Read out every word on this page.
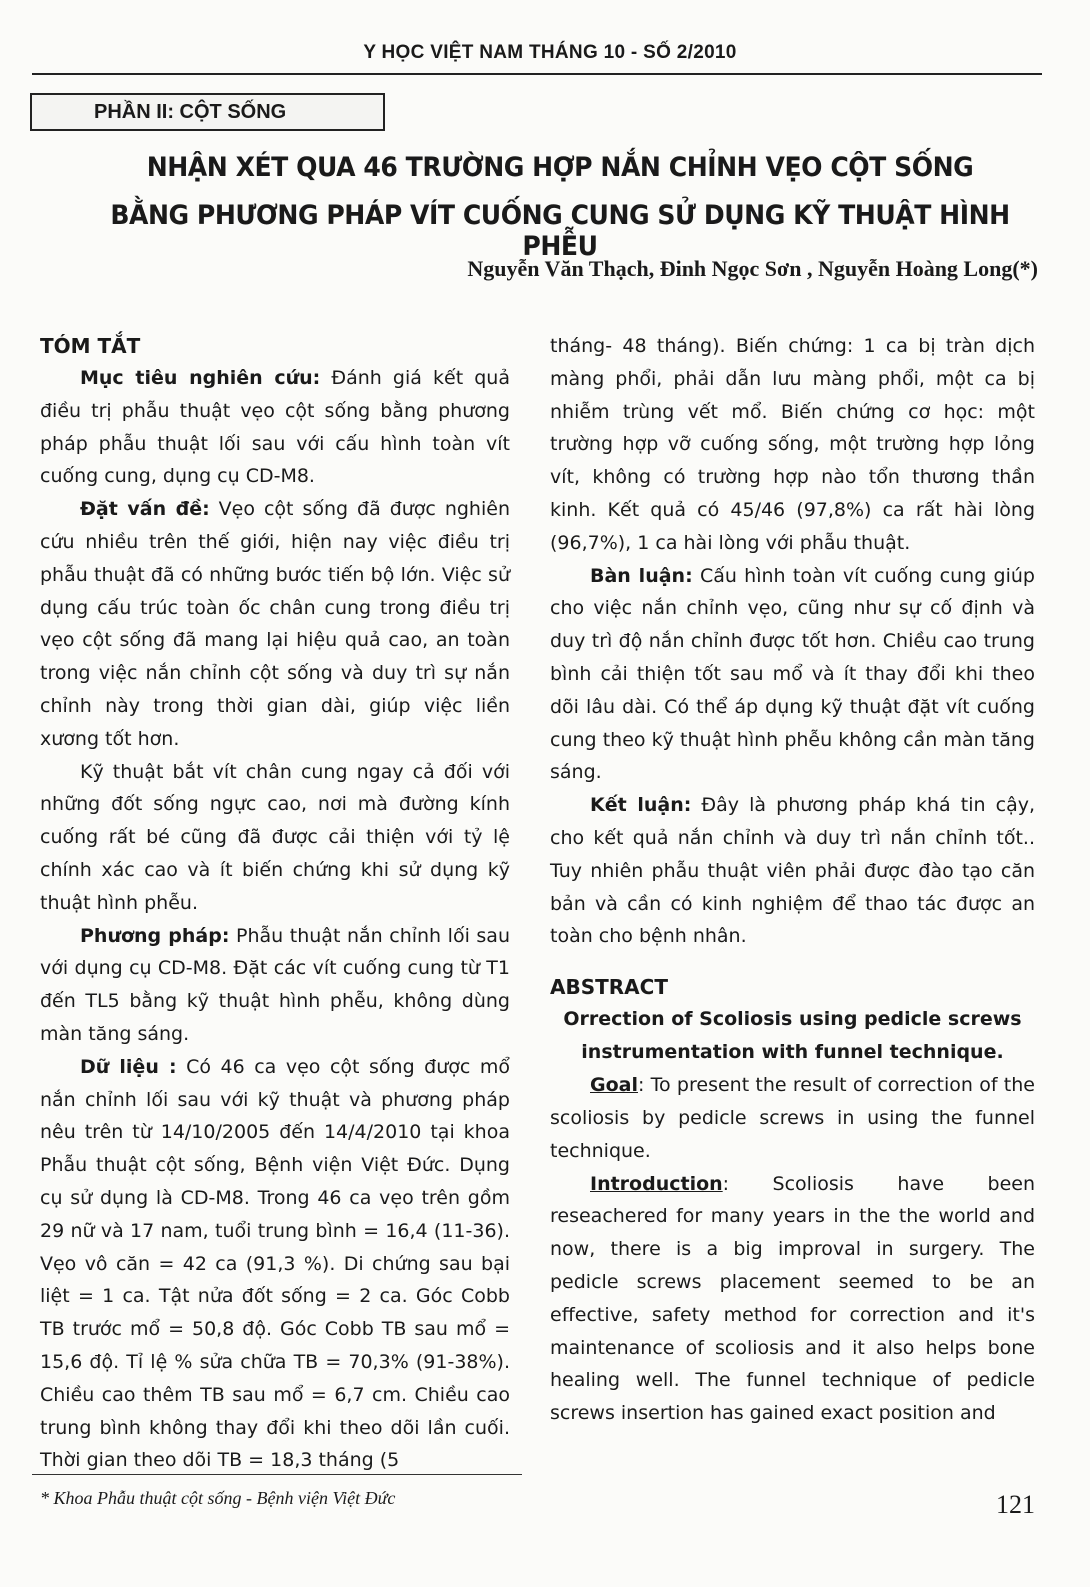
Y HỌC VIỆT NAM THÁNG 10 - SỐ 2/2010
PHẦN II: CỘT SỐNG
NHẬN XÉT QUA 46 TRƯỜNG HỢP NẮN CHỈNH VẸO CỘT SỐNG
BẰNG PHƯƠNG PHÁP VÍT CUỐNG CUNG SỬ DỤNG KỸ THUẬT HÌNH PHỄU
Nguyễn Văn Thạch, Đinh Ngọc Sơn , Nguyễn Hoàng Long(*)
TÓM TẮT

Mục tiêu nghiên cứu: Đánh giá kết quả điều trị phẫu thuật vẹo cột sống bằng phương pháp phẫu thuật lối sau với cấu hình toàn vít cuống cung, dụng cụ CD-M8.

Đặt vấn đề: Vẹo cột sống đã được nghiên cứu nhiều trên thế giới, hiện nay việc điều trị phẫu thuật đã có những bước tiến bộ lớn. Việc sử dụng cấu trúc toàn ốc chân cung trong điều trị vẹo cột sống đã mang lại hiệu quả cao, an toàn trong việc nắn chỉnh cột sống và duy trì sự nắn chỉnh này trong thời gian dài, giúp việc liền xương tốt hơn.

Kỹ thuật bắt vít chân cung ngay cả đối với những đốt sống ngực cao, nơi mà đường kính cuống rất bé cũng đã được cải thiện với tỷ lệ chính xác cao và ít biến chứng khi sử dụng kỹ thuật hình phễu.

Phương pháp: Phẫu thuật nắn chỉnh lối sau với dụng cụ CD-M8. Đặt các vít cuống cung từ T1 đến TL5 bằng kỹ thuật hình phễu, không dùng màn tăng sáng.

Dữ liệu : Có 46 ca vẹo cột sống được mổ nắn chỉnh lối sau với kỹ thuật và phương pháp nêu trên từ 14/10/2005 đến 14/4/2010 tại khoa Phẫu thuật cột sống, Bệnh viện Việt Đức. Dụng cụ sử dụng là CD-M8. Trong 46 ca vẹo trên gồm 29 nữ và 17 nam, tuổi trung bình = 16,4 (11-36). Vẹo vô căn = 42 ca (91,3 %). Di chứng sau bại liệt = 1 ca. Tật nửa đốt sống = 2 ca. Góc Cobb TB trước mổ = 50,8 độ. Góc Cobb TB sau mổ = 15,6 độ. Tỉ lệ % sửa chữa TB = 70,3% (91-38%). Chiều cao thêm TB sau mổ = 6,7 cm. Chiều cao trung bình không thay đổi khi theo dõi lần cuối. Thời gian theo dõi TB = 18,3 tháng (5

tháng- 48 tháng). Biến chứng: 1 ca bị tràn dịch màng phổi, phải dẫn lưu màng phổi, một ca bị nhiễm trùng vết mổ. Biến chứng cơ học: một trường hợp vỡ cuống sống, một trường hợp lỏng vít, không có trường hợp nào tổn thương thần kinh. Kết quả có 45/46 (97,8%) ca rất hài lòng (96,7%), 1 ca hài lòng với phẫu thuật.

Bàn luận: Cấu hình toàn vít cuống cung giúp cho việc nắn chỉnh vẹo, cũng như sự cố định và duy trì độ nắn chỉnh được tốt hơn. Chiều cao trung bình cải thiện tốt sau mổ và ít thay đổi khi theo dõi lâu dài. Có thể áp dụng kỹ thuật đặt vít cuống cung theo kỹ thuật hình phễu không cần màn tăng sáng.

Kết luận: Đây là phương pháp khá tin cậy, cho kết quả nắn chỉnh và duy trì nắn chỉnh tốt.. Tuy nhiên phẫu thuật viên phải được đào tạo căn bản và cần có kinh nghiệm để thao tác được an toàn cho bệnh nhân.

ABSTRACT

Orrection of Scoliosis using pedicle screws instrumentation with funnel technique.

Goal: To present the result of correction of the scoliosis by pedicle screws in using the funnel technique.

Introduction: Scoliosis have been reseachered for many years in the the world and now, there is a big improval in surgery. The pedicle screws placement seemed to be an effective, safety method for correction and it's maintenance of scoliosis and it also helps bone healing well. The funnel technique of pedicle screws insertion has gained exact position and

* Khoa Phẫu thuật cột sống - Bệnh viện Việt Đức	121
